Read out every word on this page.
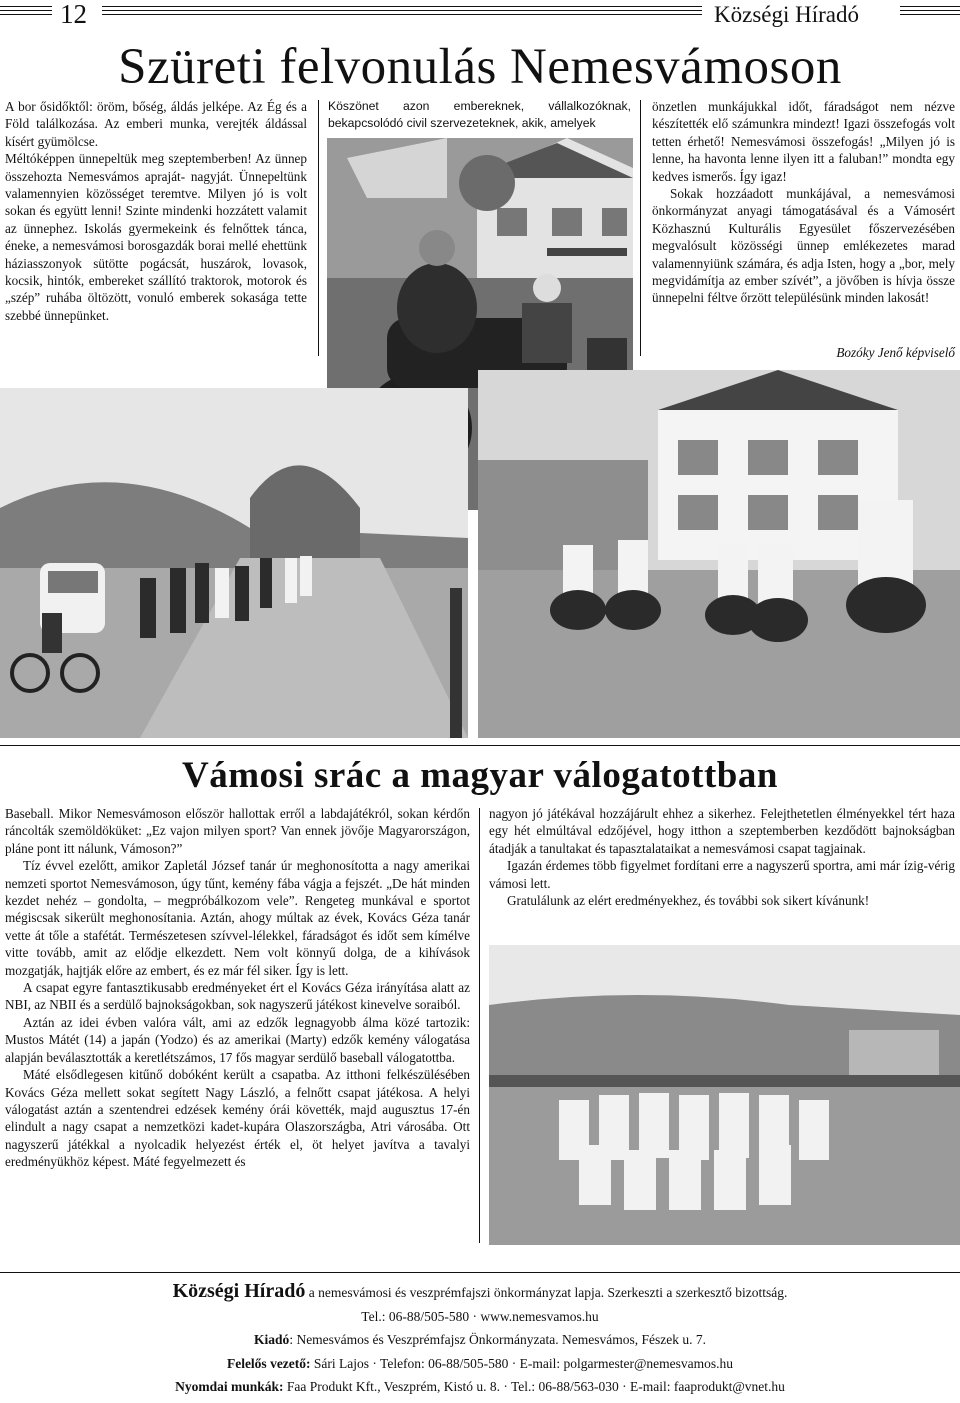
12	Községi Híradó
Szüreti felvonulás Nemesvámoson

A bor ősidőktől: öröm, bőség, áldás jelképe. Az Ég és a Föld találkozása. Az emberi munka, verejték áldással kísért gyümölcse.

Méltóképpen ünnepeltük meg szeptemberben! Az ünnep összehozta Nemesvámos apraját- nagyját. Ünnepeltünk valamennyien közösséget teremtve. Milyen jó is volt sokan és együtt lenni! Szinte mindenki hozzátett valamit az ünnephez. Iskolás gyermekeink és felnőttek tánca, éneke, a nemesvámosi borosgazdák borai mellé ehettünk háziasszonyok sütötte pogácsát, huszárok, lovasok, kocsik, hintók, embereket szállító traktorok, motorok és „szép” ruhába öltözött, vonuló emberek sokasága tette szebbé ünnepünket.

Köszönet azon embereknek, vállalkozóknak, bekapcsolódó civil szervezeteknek, akik, amelyek

önzetlen munkájukkal időt, fáradságot nem nézve készítették elő számunkra mindezt! Igazi összefogás volt tetten érhető! Nemesvámosi összefogás! „Milyen jó is lenne, ha havonta lenne ilyen itt a faluban!” mondta egy kedves ismerős. Így igaz!

Sokak hozzáadott munkájával, a nemesvámosi önkormányzat anyagi támogatásával és a Vámosért Közhasznú Kulturális Egyesület főszervezésében megvalósult közösségi ünnep emlékezetes marad valamennyiünk számára, és adja Isten, hogy a „bor, mely megvidámítja az ember szívét”, a jövőben is hívja össze ünnepelni féltve őrzött településünk minden lakosát!

Bozóky Jenő képviselő
Vámosi srác a magyar válogatottban

Baseball. Mikor Nemesvámoson először hallottak erről a labdajátékról, sokan kérdőn ráncolták szemöldöküket: „Ez vajon milyen sport? Van ennek jövője Magyarországon, pláne pont itt nálunk, Vámoson?”

Tíz évvel ezelőtt, amikor Zapletál József tanár úr meghonosította a nagy amerikai nemzeti sportot Nemesvámoson, úgy tűnt, kemény fába vágja a fejszét. „De hát minden kezdet nehéz – gondolta, – megpróbálkozom vele”. Rengeteg munkával e sportot mégiscsak sikerült meghonosítania. Aztán, ahogy múltak az évek, Kovács Géza tanár vette át tőle a stafétát. Természetesen szívvel-lélekkel, fáradságot és időt sem kímélve vitte tovább, amit az elődje elkezdett. Nem volt könnyű dolga, de a kihívások mozgatják, hajtják előre az embert, és ez már fél siker. Így is lett.

A csapat egyre fantasztikusabb eredményeket ért el Kovács Géza irányítása alatt az NBI, az NBII és a serdülő bajnokságokban, sok nagyszerű játékost kinevelve soraiból.

Aztán az idei évben valóra vált, ami az edzők legnagyobb álma közé tartozik: Mustos Mátét (14) a japán (Yodzo) és az amerikai (Marty) edzők kemény válogatása alapján beválasztották a keretlétszámos, 17 fős magyar serdülő baseball válogatottba.

Máté elsődlegesen kitűnő dobóként került a csapatba. Az itthoni felkészülésében Kovács Géza mellett sokat segített Nagy László, a felnőtt csapat játékosa. A helyi válogatást aztán a szentendrei edzések kemény órái követték, majd augusztus 17-én elindult a nagy csapat a nemzetközi kadet-kupára Olaszországba, Atri városába. Ott nagyszerű játékkal a nyolcadik helyezést érték el, öt helyet javítva a tavalyi eredményükhöz képest. Máté fegyelmezett és

nagyon jó játékával hozzájárult ehhez a sikerhez. Felejthetetlen élményekkel tért haza egy hét elmúltával edzőjével, hogy itthon a szeptemberben kezdődött bajnokságban átadják a tanultakat és tapasztalataikat a nemesvámosi csapat tagjainak.

Igazán érdemes több figyelmet fordítani erre a nagyszerű sportra, ami már ízig-vérig vámosi lett.

Gratulálunk az elért eredményekhez, és további sok sikert kívánunk!

Községi Híradó a nemesvámosi és veszprémfajszi önkormányzat lapja. Szerkeszti a szerkesztő bizottság.
Tel.: 06-88/505-580 · www.nemesvamos.hu
Kiadó: Nemesvámos és Veszprémfajsz Önkormányzata. Nemesvámos, Fészek u. 7.
Felelős vezető: Sári Lajos · Telefon: 06-88/505-580 · E-mail: polgarmester@nemesvamos.hu
Nyomdai munkák: Faa Produkt Kft., Veszprém, Kistó u. 8. · Tel.: 06-88/563-030 · E-mail: faaprodukt@vnet.hu
